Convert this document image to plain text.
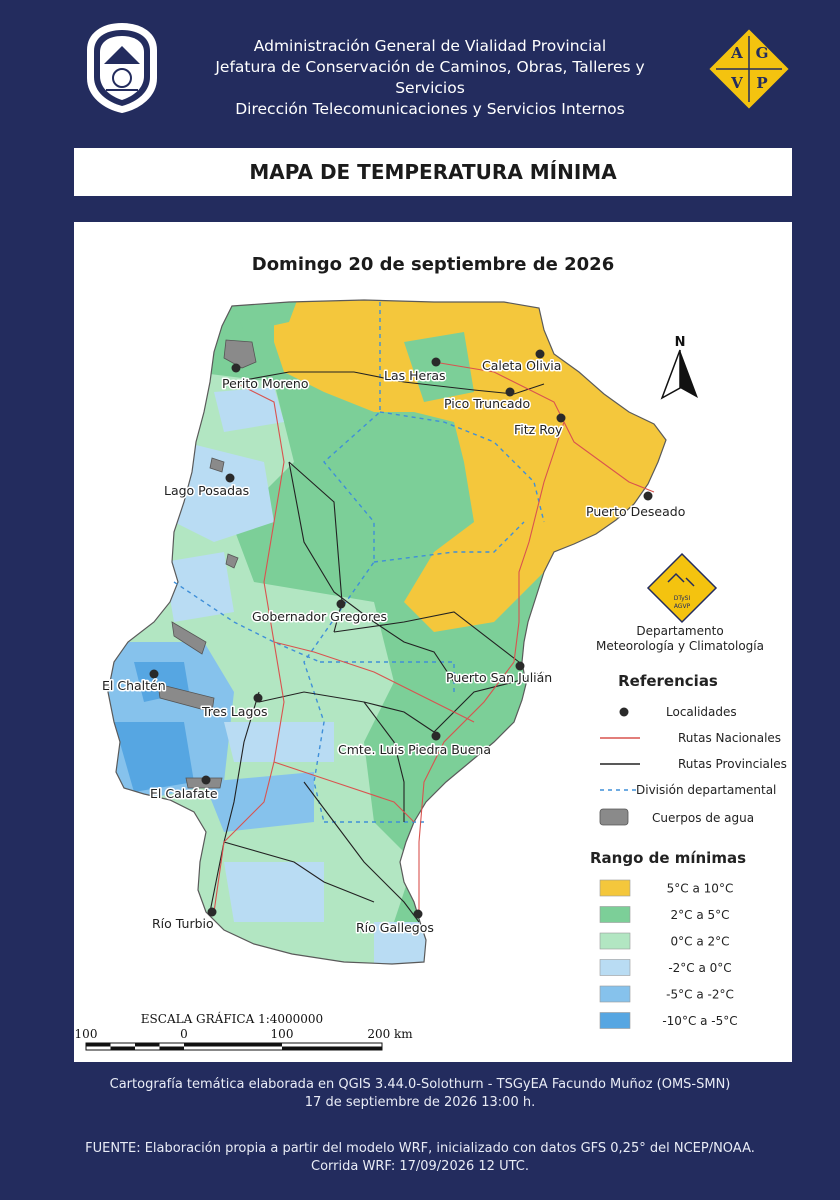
Administración General de Vialidad Provincial
Jefatura de Conservación de Caminos, Obras, Talleres y Servicios
Dirección Telecomunicaciones y Servicios Internos
A G
V P
MAPA DE TEMPERATURA MÍNIMA
Domingo 20 de septiembre de 2026
Perito Moreno
Las Heras
Caleta Olivia
Pico Truncado
Fitz Roy
Lago Posadas
Puerto Deseado
Gobernador Gregores
Puerto San Julián
El Chaltén
Tres Lagos
Cmte. Luis Piedra Buena
El Calafate
Río Turbio	Río Gallegos
N
DTySI
AGVP
Departamento
Meteorología y Climatología
Referencias
Localidades
Rutas Nacionales
Rutas Provinciales
División departamental
Cuerpos de agua
Rango de mínimas
5°C a 10°C
2°C a 5°C
0°C a 2°C
-2°C a 0°C
-5°C a -2°C
-10°C a -5°C
ESCALA GRÁFICA 1:4000000
100	0	100	200 km
Cartografía temática elaborada en QGIS 3.44.0-Solothurn - TSGyEA Facundo Muñoz (OMS-SMN)
17 de septiembre de 2026 13:00 h.
FUENTE: Elaboración propia a partir del modelo WRF, inicializado con datos GFS 0,25° del NCEP/NOAA.
Corrida WRF: 17/09/2026 12 UTC.
